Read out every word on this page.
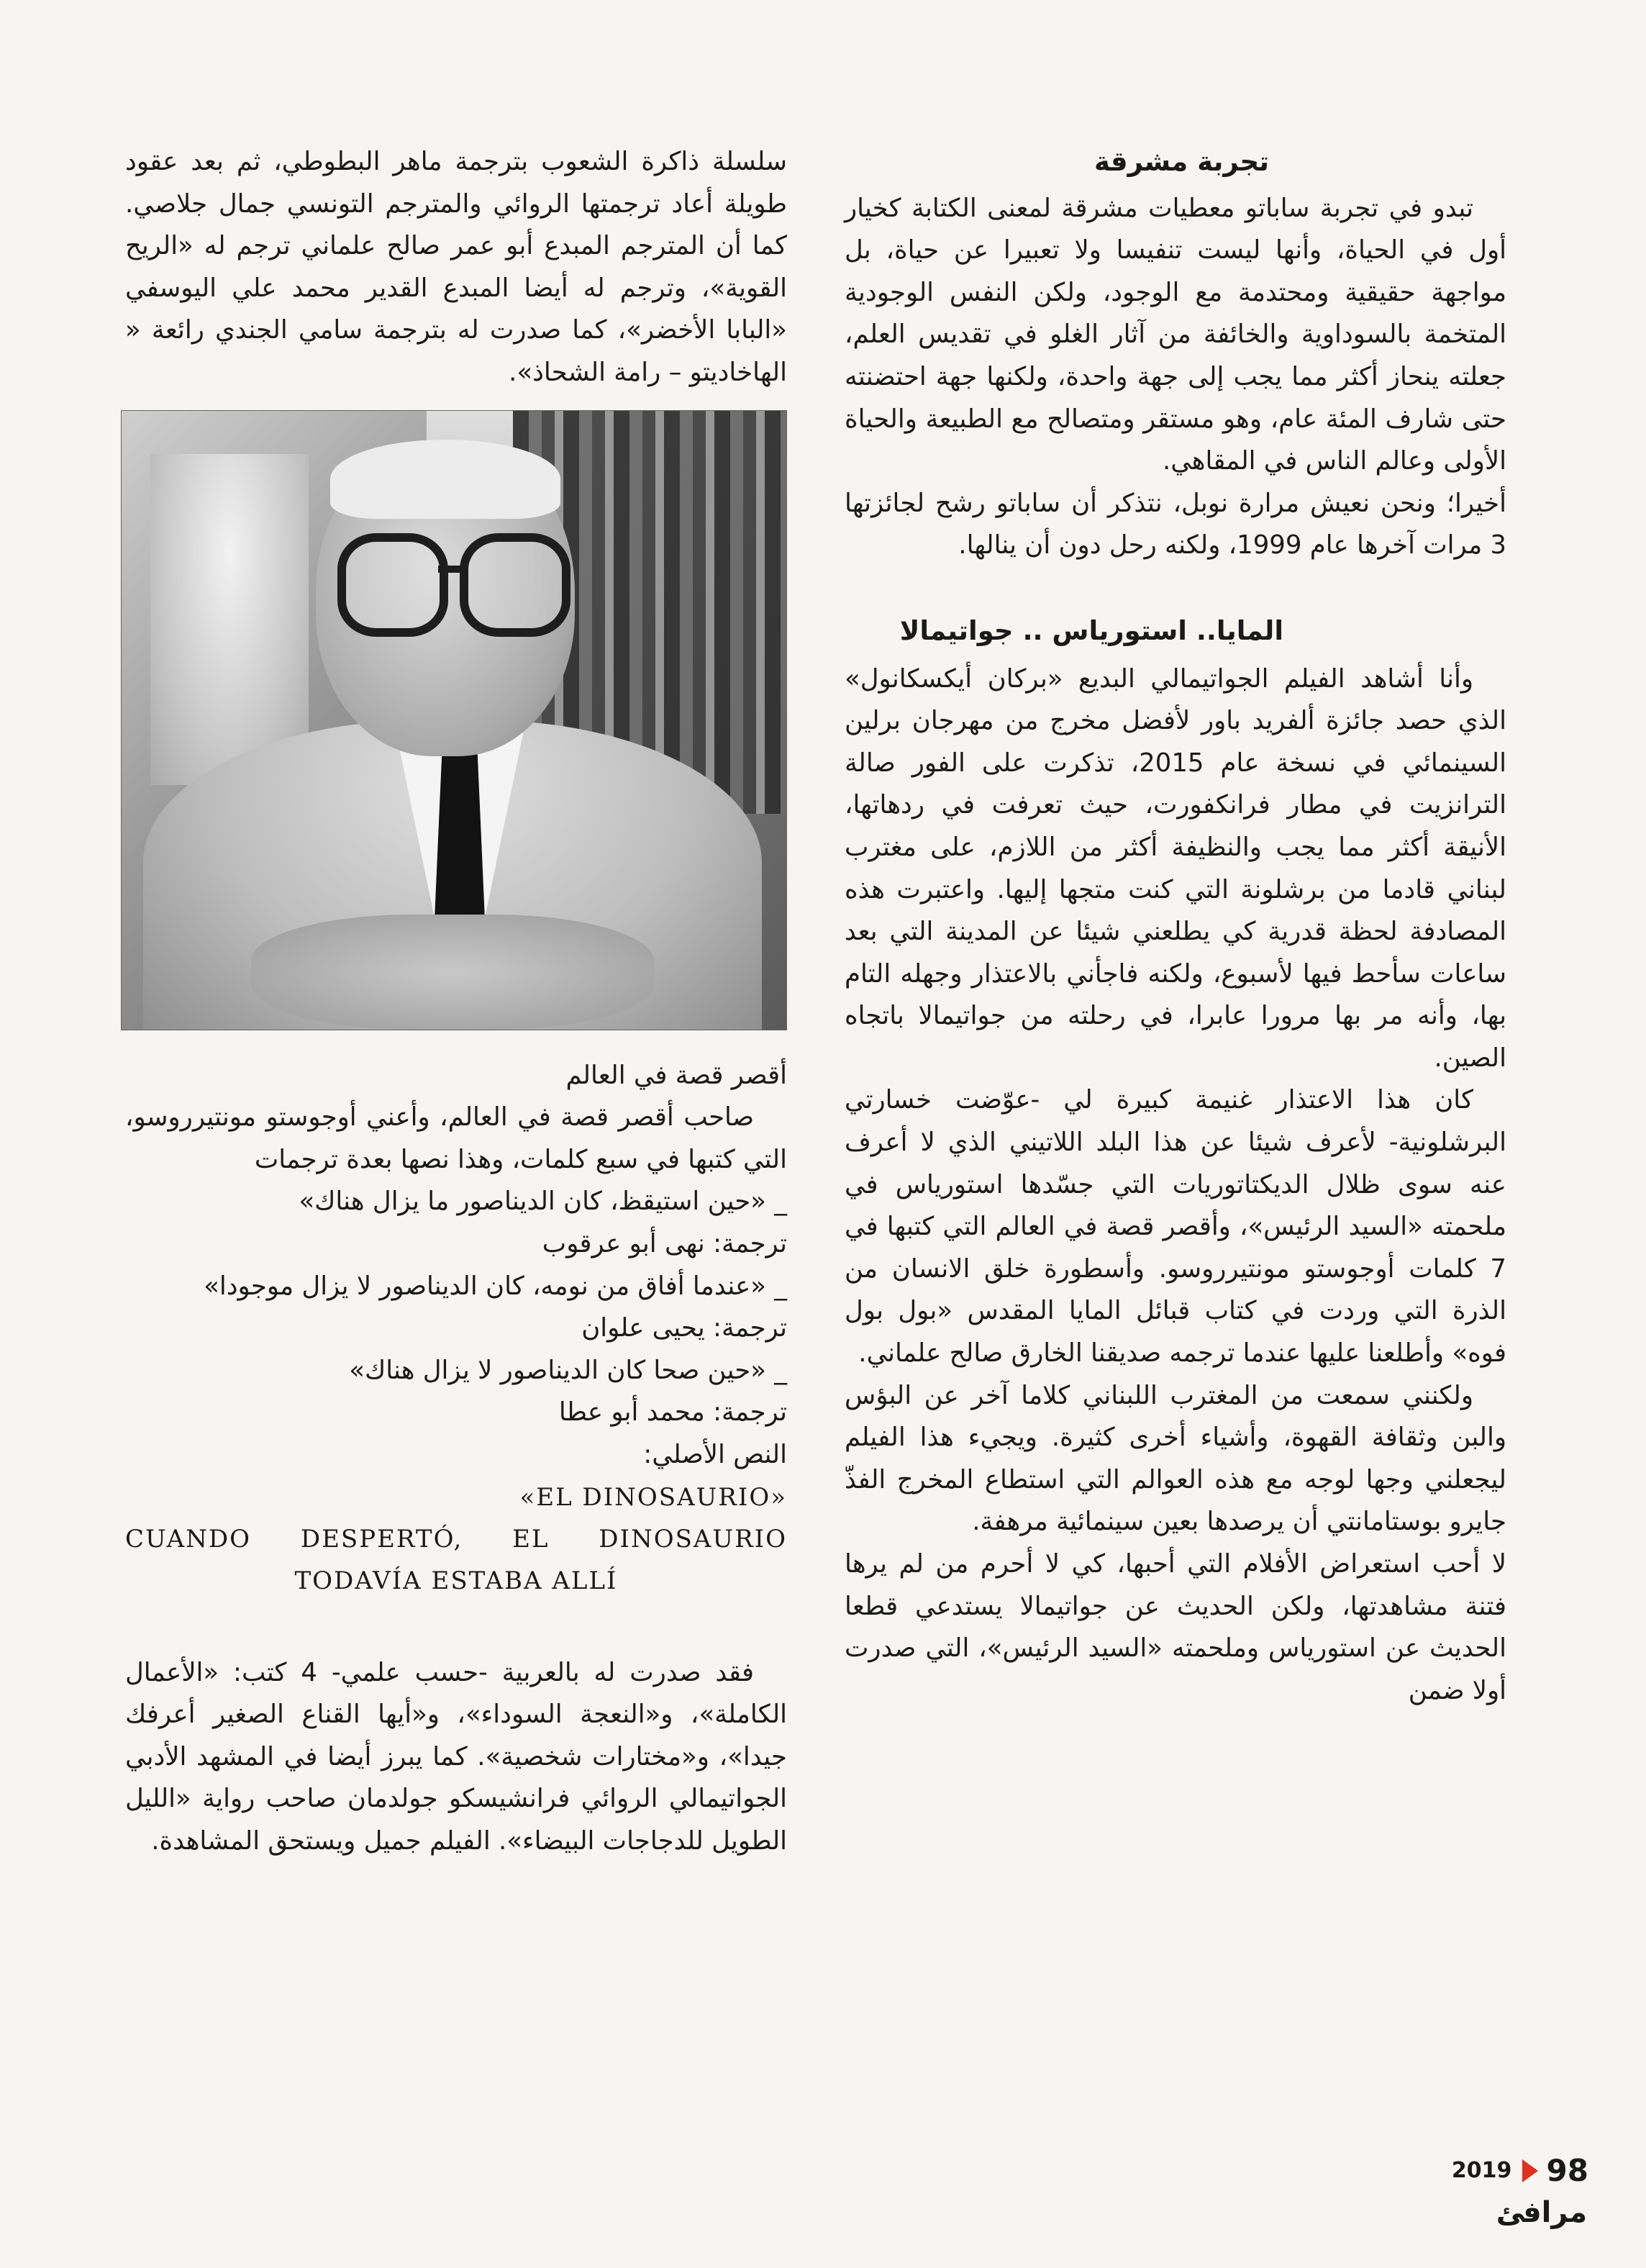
تجربة مشرقة

تبدو في تجربة ساباتو معطيات مشرقة لمعنى الكتابة كخيار أول في الحياة، وأنها ليست تنفيسا ولا تعبيرا عن حياة، بل مواجهة حقيقية ومحتدمة مع الوجود، ولكن النفس الوجودية المتخمة بالسوداوية والخائفة من آثار الغلو في تقديس العلم، جعلته ينحاز أكثر مما يجب إلى جهة واحدة، ولكنها جهة احتضنته حتى شارف المئة عام، وهو مستقر ومتصالح مع الطبيعة والحياة الأولى وعالم الناس في المقاهي.

أخيرا؛ ونحن نعيش مرارة نوبل، نتذكر أن ساباتو رشح لجائزتها 3 مرات آخرها عام 1999، ولكنه رحل دون أن ينالها.

المايا.. استورياس .. جواتيمالا

وأنا أشاهد الفيلم الجواتيمالي البديع «بركان أيكسكانول» الذي حصد جائزة ألفريد باور لأفضل مخرج من مهرجان برلين السينمائي في نسخة عام 2015، تذكرت على الفور صالة الترانزيت في مطار فرانكفورت، حيث تعرفت في ردهاتها، الأنيقة أكثر مما يجب والنظيفة أكثر من اللازم، على مغترب لبناني قادما من برشلونة التي كنت متجها إليها. واعتبرت هذه المصادفة لحظة قدرية كي يطلعني شيئا عن المدينة التي بعد ساعات سأحط فيها لأسبوع، ولكنه فاجأني بالاعتذار وجهله التام بها، وأنه مر بها مرورا عابرا، في رحلته من جواتيمالا باتجاه الصين.

كان هذا الاعتذار غنيمة كبيرة لي -عوّضت خسارتي البرشلونية- لأعرف شيئا عن هذا البلد اللاتيني الذي لا أعرف عنه سوى ظلال الديكتاتوريات التي جسّدها استورياس في ملحمته «السيد الرئيس»، وأقصر قصة في العالم التي كتبها في 7 كلمات أوجوستو مونتيرروسو. وأسطورة خلق الانسان من الذرة التي وردت في كتاب قبائل المايا المقدس «بول بول فوه» وأطلعنا عليها عندما ترجمه صديقنا الخارق صالح علماني.

ولكنني سمعت من المغترب اللبناني كلاما آخر عن البؤس والبن وثقافة القهوة، وأشياء أخرى كثيرة. ويجيء هذا الفيلم ليجعلني وجها لوجه مع هذه العوالم التي استطاع المخرج الفذّ جايرو بوستامانتي أن يرصدها بعين سينمائية مرهفة.

لا أحب استعراض الأفلام التي أحبها، كي لا أحرم من لم يرها فتنة مشاهدتها، ولكن الحديث عن جواتيمالا يستدعي قطعا الحديث عن استورياس وملحمته «السيد الرئيس»، التي صدرت أولا ضمن

سلسلة ذاكرة الشعوب بترجمة ماهر البطوطي، ثم بعد عقود طويلة أعاد ترجمتها الروائي والمترجم التونسي جمال جلاصي. كما أن المترجم المبدع أبو عمر صالح علماني ترجم له «الريح القوية»، وترجم له أيضا المبدع القدير محمد علي اليوسفي «البابا الأخضر»، كما صدرت له بترجمة سامي الجندي رائعة « الهاخاديتو – رامة الشحاذ».

أقصر قصة في العالم

صاحب أقصر قصة في العالم، وأعني أوجوستو مونتيرروسو، التي كتبها في سبع كلمات، وهذا نصها بعدة ترجمات

_ «حين استيقظ، كان الديناصور ما يزال هناك»

ترجمة: نهى أبو عرقوب

_ «عندما أفاق من نومه، كان الديناصور لا يزال موجودا»

ترجمة: يحيى علوان

_ «حين صحا كان الديناصور لا يزال هناك»

ترجمة: محمد أبو عطا

النص الأصلي:

«EL DINOSAURIO»

CUANDO DESPERTÓ, EL DINOSAURIO

TODAVÍA ESTABA ALLÍ

فقد صدرت له بالعربية -حسب علمي- 4 كتب: «الأعمال الكاملة»، و«النعجة السوداء»، و«أيها القناع الصغير أعرفك جيدا»، و«مختارات شخصية». كما يبرز أيضا في المشهد الأدبي الجواتيمالي الروائي فرانشيسكو جولدمان صاحب رواية «الليل الطويل للدجاجات البيضاء». الفيلم جميل ويستحق المشاهدة.

98  2019
مرافئ
